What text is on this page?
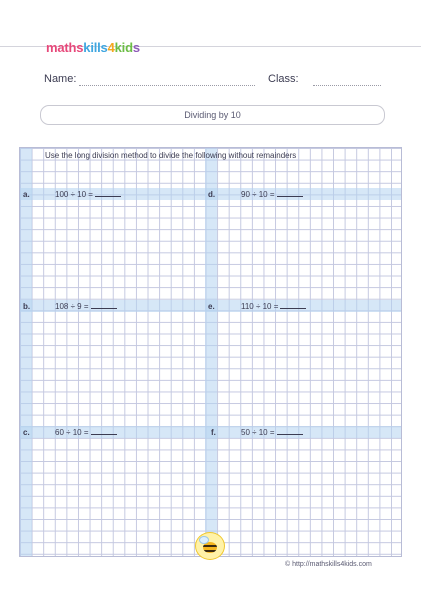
mathskills4kids
Name:	Class:
Dividing by 10
Use the long division method to divide the following without remainders
a.	100 ÷ 10 =
b.	108 ÷ 9 =
c.	60 ÷ 10 =
d.	90 ÷ 10 =
e.	110 ÷ 10 =
f.	50 ÷ 10 =
© http://mathskills4kids.com
